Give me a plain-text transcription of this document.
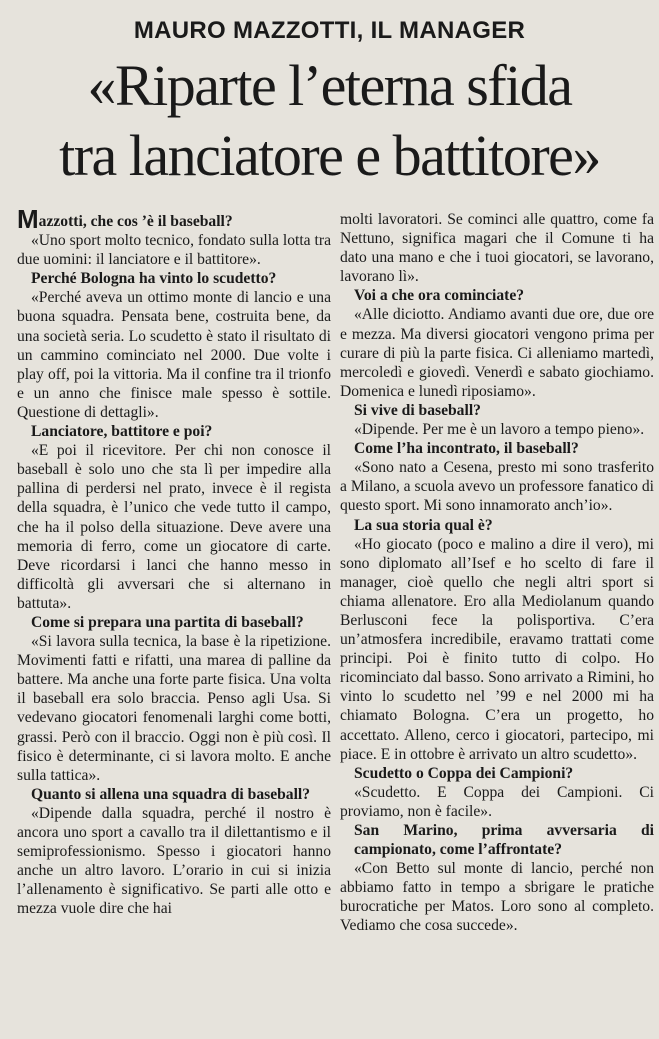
MAURO MAZZOTTI, IL MANAGER
«Riparte l’eterna sfida
tra lanciatore e battitore»

Mazzotti, che cos ’è il baseball?

«Uno sport molto tecnico, fondato sulla lotta tra due uomini: il lanciatore e il battitore».

Perché Bologna ha vinto lo scudetto?

«Perché aveva un ottimo monte di lancio e una buona squadra. Pensata bene, costruita bene, da una società seria. Lo scudetto è stato il risultato di un cammino cominciato nel 2000. Due volte i play off, poi la vittoria. Ma il confine tra il trionfo e un anno che finisce male spesso è sottile. Questione di dettagli».

Lanciatore, battitore e poi?

«E poi il ricevitore. Per chi non conosce il baseball è solo uno che sta lì per impedire alla pallina di perdersi nel prato, invece è il regista della squadra, è l’unico che vede tutto il campo, che ha il polso della situazione. Deve avere una memoria di ferro, come un giocatore di carte. Deve ricordarsi i lanci che hanno messo in difficoltà gli avversari che si alternano in battuta».

Come si prepara una partita di baseball?

«Si lavora sulla tecnica, la base è la ripetizione. Movimenti fatti e rifatti, una marea di palline da battere. Ma anche una forte parte fisica. Una volta il baseball era solo braccia. Penso agli Usa. Si vedevano giocatori fenomenali larghi come botti, grassi. Però con il braccio. Oggi non è più così. Il fisico è determinante, ci si lavora molto. E anche sulla tattica».

Quanto si allena una squadra di baseball?

«Dipende dalla squadra, perché il nostro è ancora uno sport a cavallo tra il dilettantismo e il semiprofessionismo. Spesso i giocatori hanno anche un altro lavoro. L’orario in cui si inizia l’allenamento è significativo. Se parti alle otto e mezza vuole dire che hai

molti lavoratori. Se cominci alle quattro, come fa Nettuno, significa magari che il Comune ti ha dato una mano e che i tuoi giocatori, se lavorano, lavorano lì».

Voi a che ora cominciate?

«Alle diciotto. Andiamo avanti due ore, due ore e mezza. Ma diversi giocatori vengono prima per curare di più la parte fisica. Ci alleniamo martedì, mercoledì e giovedì. Venerdì e sabato giochiamo. Domenica e lunedì riposiamo».

Si vive di baseball?

«Dipende. Per me è un lavoro a tempo pieno».

Come l’ha incontrato, il baseball?

«Sono nato a Cesena, presto mi sono trasferito a Milano, a scuola avevo un professore fanatico di questo sport. Mi sono innamorato anch’io».

La sua storia qual è?

«Ho giocato (poco e malino a dire il vero), mi sono diplomato all’Isef e ho scelto di fare il manager, cioè quello che negli altri sport si chiama allenatore. Ero alla Mediolanum quando Berlusconi fece la polisportiva. C’era un’atmosfera incredibile, eravamo trattati come principi. Poi è finito tutto di colpo. Ho ricominciato dal basso. Sono arrivato a Rimini, ho vinto lo scudetto nel ’99 e nel 2000 mi ha chiamato Bologna. C’era un progetto, ho accettato. Alleno, cerco i giocatori, partecipo, mi piace. E in ottobre è arrivato un altro scudetto».

Scudetto o Coppa dei Campioni?

«Scudetto. E Coppa dei Campioni. Ci proviamo, non è facile».

San Marino, prima avversaria di campionato, come l’affrontate?

«Con Betto sul monte di lancio, perché non abbiamo fatto in tempo a sbrigare le pratiche burocratiche per Matos. Loro sono al completo. Vediamo che cosa succede».
